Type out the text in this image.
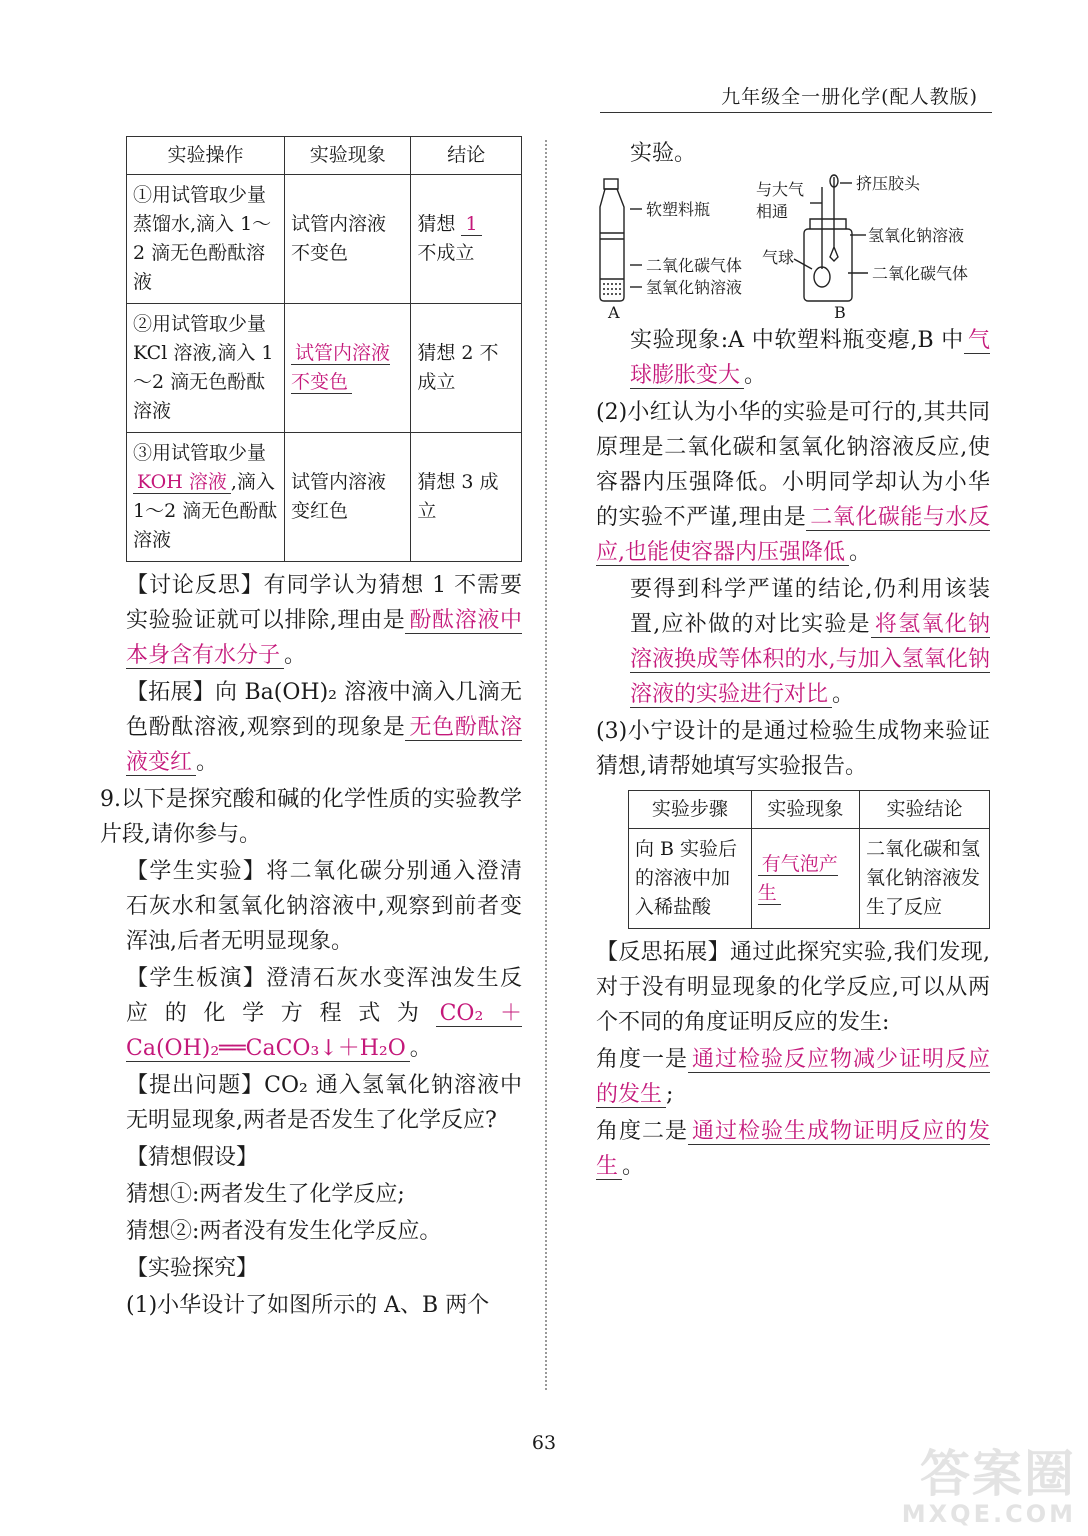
九年级全一册化学(配人教版)
实验操作	实验现象	结论
①用试管取少量蒸馏水,滴入 1～2 滴无色酚酞溶液	试管内溶液不变色	猜想 1
不成立
②用试管取少量 KCl 溶液,滴入 1～2 滴无色酚酞溶液	试管内溶液不变色	猜想 2 不成立
③用试管取少量KOH 溶液 ,滴入 1～2 滴无色酚酞溶液	试管内溶液变红色	猜想 3 成立

【讨论反思】有同学认为猜想 1 不需要实验验证就可以排除,理由是 酚酞溶液中本身含有水分子 。

【拓展】向 Ba(OH)₂ 溶液中滴入几滴无色酚酞溶液,观察到的现象是 无色酚酞溶液变红 。

9.以下是探究酸和碱的化学性质的实验教学片段,请你参与。

【学生实验】将二氧化碳分别通入澄清石灰水和氢氧化钠溶液中,观察到前者变浑浊,后者无明显现象。

【学生板演】澄清石灰水变浑浊发生反应的化学方程式为 CO₂＋Ca(OH)₂══CaCO₃↓＋H₂O 。

【提出问题】CO₂ 通入氢氧化钠溶液中无明显现象,两者是否发生了化学反应?

【猜想假设】

猜想①:两者发生了化学反应;

猜想②:两者没有发生化学反应。

【实验探究】

(1)小华设计了如图所示的 A、B 两个

实验。

软塑料瓶
二氧化碳气体
氢氧化钠溶液
A
与大气相通
挤压胶头
氢氧化钠溶液
气球
二氧化碳气体
B

实验现象:A 中软塑料瓶变瘪,B 中 气球膨胀变大 。

(2)小红认为小华的实验是可行的,其共同原理是二氧化碳和氢氧化钠溶液反应,使容器内压强降低。小明同学却认为小华的实验不严谨,理由是 二氧化碳能与水反应,也能使容器内压强降低 。

要得到科学严谨的结论,仍利用该装置,应补做的对比实验是 将氢氧化钠溶液换成等体积的水,与加入氢氧化钠溶液的实验进行对比 。

(3)小宁设计的是通过检验生成物来验证猜想,请帮她填写实验报告。

实验步骤	实验现象	实验结论
向 B 实验后的溶液中加入稀盐酸	有气泡产生	二氧化碳和氢氧化钠溶液发生了反应

【反思拓展】通过此探究实验,我们发现,对于没有明显现象的化学反应,可以从两个不同的角度证明反应的发生:

角度一是 通过检验反应物减少证明反应的发生 ;

角度二是 通过检验生成物证明反应的发生 。

63
答案圈
MXQE.COM
